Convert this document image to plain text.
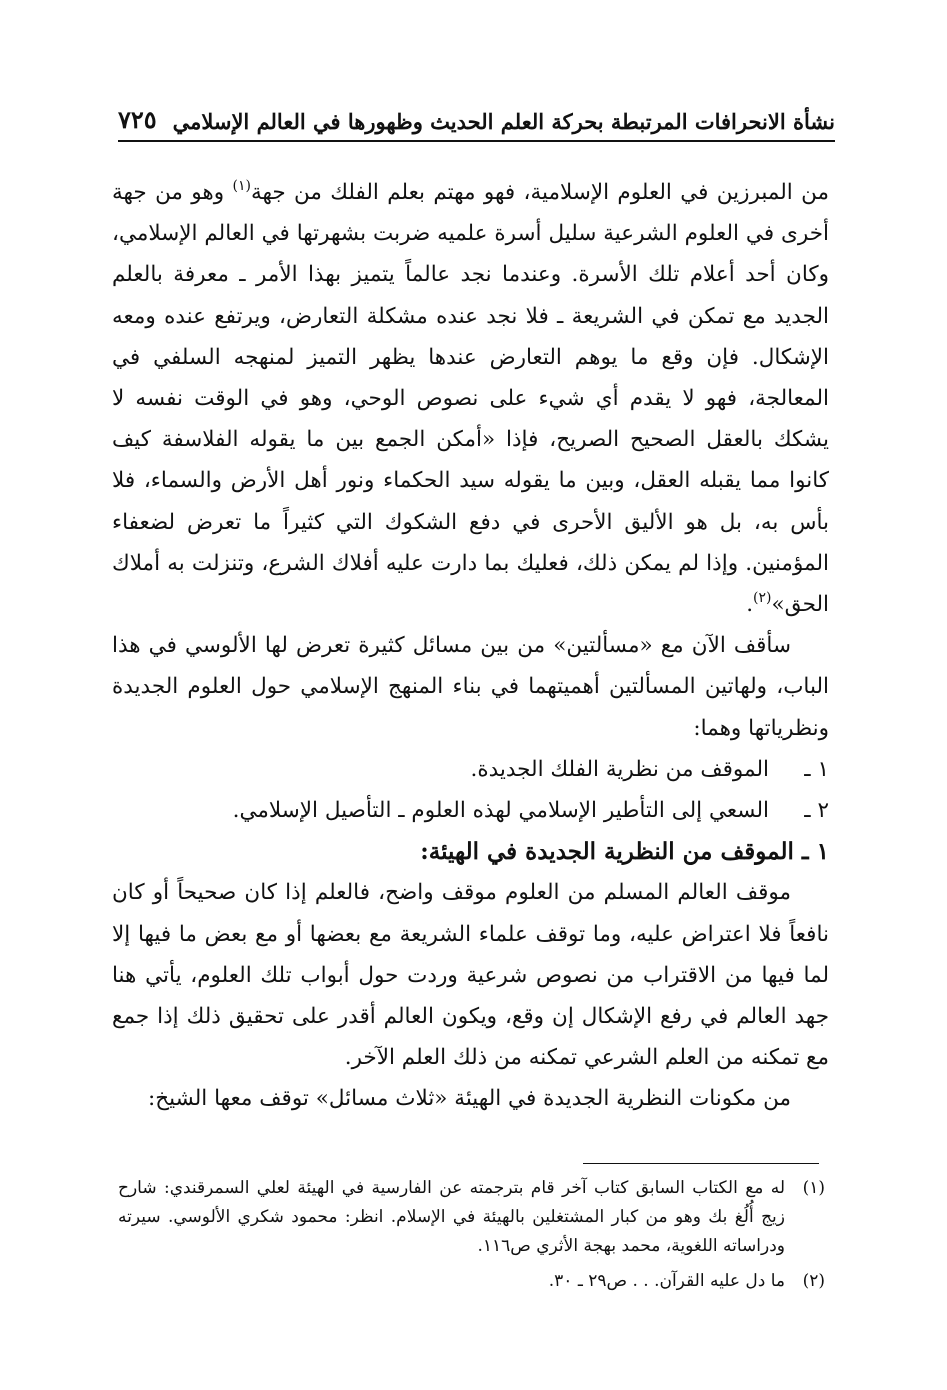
نشأة الانحرافات المرتبطة بحركة العلم الحديث وظهورها في العالم الإسلامي
٧٢٥

من المبرزين في العلوم الإسلامية، فهو مهتم بعلم الفلك من جهة$^{(١)}$ وهو من جهة أخرى في العلوم الشرعية سليل أسرة علميه ضربت بشهرتها في العالم الإسلامي، وكان أحد أعلام تلك الأسرة. وعندما نجد عالماً يتميز بهذا الأمر ـ معرفة بالعلم الجديد مع تمكن في الشريعة ـ فلا نجد عنده مشكلة التعارض، ويرتفع عنده ومعه الإشكال. فإن وقع ما يوهم التعارض عندها يظهر التميز لمنهجه السلفي في المعالجة، فهو لا يقدم أي شيء على نصوص الوحي، وهو في الوقت نفسه لا يشكك بالعقل الصحيح الصريح، فإذا «أمكن الجمع بين ما يقوله الفلاسفة كيف كانوا مما يقبله العقل، وبين ما يقوله سيد الحكماء ونور أهل الأرض والسماء، فلا بأس به، بل هو الأليق الأحرى في دفع الشكوك التي كثيراً ما تعرض لضعفاء المؤمنين. وإذا لم يمكن ذلك، فعليك بما دارت عليه أفلاك الشرع، وتنزلت به أملاك الحق»$^{(٢)}$.

سأقف الآن مع «مسألتين» من بين مسائل كثيرة تعرض لها الألوسي في هذا الباب، ولهاتين المسألتين أهميتهما في بناء المنهج الإسلامي حول العلوم الجديدة ونظرياتها وهما:

١ ـ
الموقف من نظرية الفلك الجديدة.
٢ ـ
السعي إلى التأطير الإسلامي لهذه العلوم ـ التأصيل الإسلامي.

١ ـ الموقف من النظرية الجديدة في الهيئة:

موقف العالم المسلم من العلوم موقف واضح، فالعلم إذا كان صحيحاً أو كان نافعاً فلا اعتراض عليه، وما توقف علماء الشريعة مع بعضها أو مع بعض ما فيها إلا لما فيها من الاقتراب من نصوص شرعية وردت حول أبواب تلك العلوم، يأتي هنا جهد العالم في رفع الإشكال إن وقع، ويكون العالم أقدر على تحقيق ذلك إذا جمع مع تمكنه من العلم الشرعي تمكنه من ذلك العلم الآخر.

من مكونات النظرية الجديدة في الهيئة «ثلاث مسائل» توقف معها الشيخ:

(١)
له مع الكتاب السابق كتاب آخر قام بترجمته عن الفارسية في الهيئة لعلي السمرقندي: شارح زيج أُلُغ بك وهو من كبار المشتغلين بالهيئة في الإسلام. انظر: محمود شكري الألوسي. سيرته ودراساته اللغوية، محمد بهجة الأثري ص١١٦.
(٢)
ما دل عليه القرآن. . . ص٢٩ ـ ٣٠.
